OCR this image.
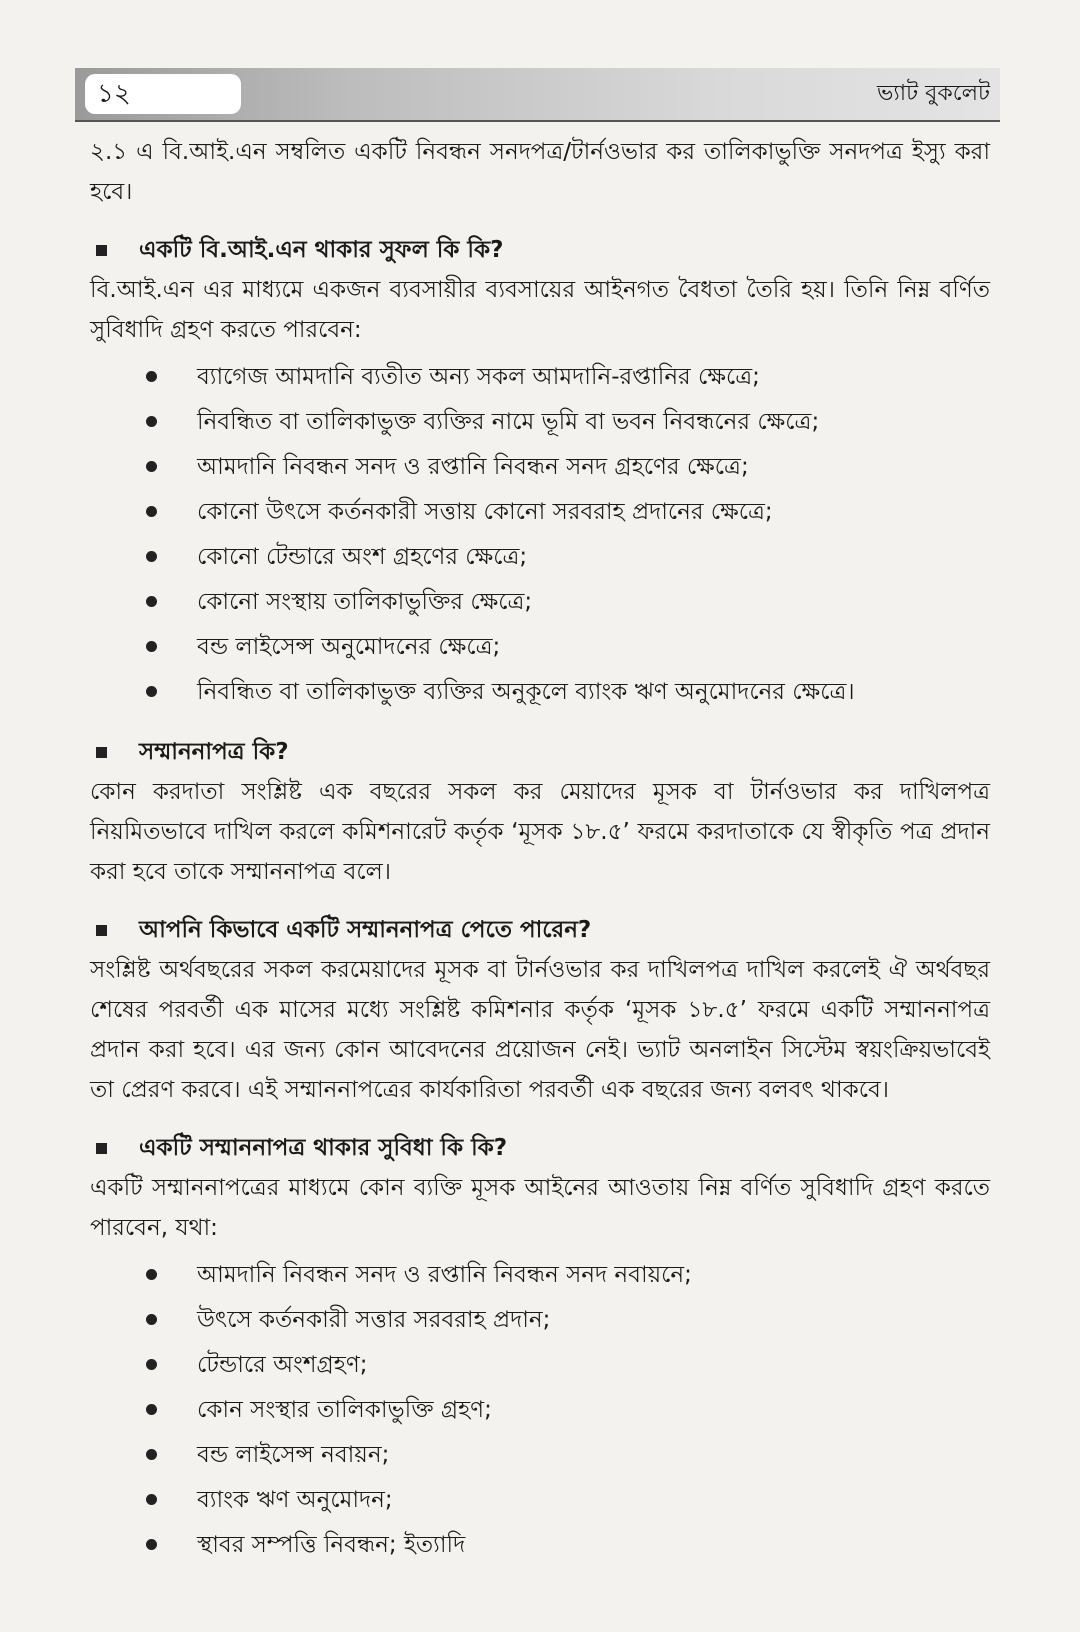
১২	ভ্যাট বুকলেট

২.১ এ বি.আই.এন সম্বলিত একটি নিবন্ধন সনদপত্র/টার্নওভার কর তালিকাভুক্তি সনদপত্র ইস্যু করা হবে।

একটি বি.আই.এন থাকার সুফল কি কি?

বি.আই.এন এর মাধ্যমে একজন ব্যবসায়ীর ব্যবসায়ের আইনগত বৈধতা তৈরি হয়। তিনি নিম্ন বর্ণিত সুবিধাদি গ্রহণ করতে পারবেন:

ব্যাগেজ আমদানি ব্যতীত অন্য সকল আমদানি-রপ্তানির ক্ষেত্রে;
নিবন্ধিত বা তালিকাভুক্ত ব্যক্তির নামে ভূমি বা ভবন নিবন্ধনের ক্ষেত্রে;
আমদানি নিবন্ধন সনদ ও রপ্তানি নিবন্ধন সনদ গ্রহণের ক্ষেত্রে;
কোনো উৎসে কর্তনকারী সত্তায় কোনো সরবরাহ প্রদানের ক্ষেত্রে;
কোনো টেন্ডারে অংশ গ্রহণের ক্ষেত্রে;
কোনো সংস্থায় তালিকাভুক্তির ক্ষেত্রে;
বন্ড লাইসেন্স অনুমোদনের ক্ষেত্রে;
নিবন্ধিত বা তালিকাভুক্ত ব্যক্তির অনুকূলে ব্যাংক ঋণ অনুমোদনের ক্ষেত্রে।
সম্মাননাপত্র কি?

কোন করদাতা সংশ্লিষ্ট এক বছরের সকল কর মেয়াদের মূসক বা টার্নওভার কর দাখিলপত্র নিয়মিতভাবে দাখিল করলে কমিশনারেট কর্তৃক ‘মূসক ১৮.৫’ ফরমে করদাতাকে যে স্বীকৃতি পত্র প্রদান করা হবে তাকে সম্মাননাপত্র বলে।

আপনি কিভাবে একটি সম্মাননাপত্র পেতে পারেন?

সংশ্লিষ্ট অর্থবছরের সকল করমেয়াদের মূসক বা টার্নওভার কর দাখিলপত্র দাখিল করলেই ঐ অর্থবছর শেষের পরবর্তী এক মাসের মধ্যে সংশ্লিষ্ট কমিশনার কর্তৃক ‘মূসক ১৮.৫’ ফরমে একটি সম্মাননাপত্র প্রদান করা হবে। এর জন্য কোন আবেদনের প্রয়োজন নেই। ভ্যাট অনলাইন সিস্টেম স্বয়ংক্রিয়ভাবেই তা প্রেরণ করবে। এই সম্মাননাপত্রের কার্যকারিতা পরবর্তী এক বছরের জন্য বলবৎ থাকবে।

একটি সম্মাননাপত্র থাকার সুবিধা কি কি?

একটি সম্মাননাপত্রের মাধ্যমে কোন ব্যক্তি মূসক আইনের আওতায় নিম্ন বর্ণিত সুবিধাদি গ্রহণ করতে পারবেন, যথা:

আমদানি নিবন্ধন সনদ ও রপ্তানি নিবন্ধন সনদ নবায়নে;
উৎসে কর্তনকারী সত্তার সরবরাহ প্রদান;
টেন্ডারে অংশগ্রহণ;
কোন সংস্থার তালিকাভুক্তি গ্রহণ;
বন্ড লাইসেন্স নবায়ন;
ব্যাংক ঋণ অনুমোদন;
স্থাবর সম্পত্তি নিবন্ধন; ইত্যাদি
